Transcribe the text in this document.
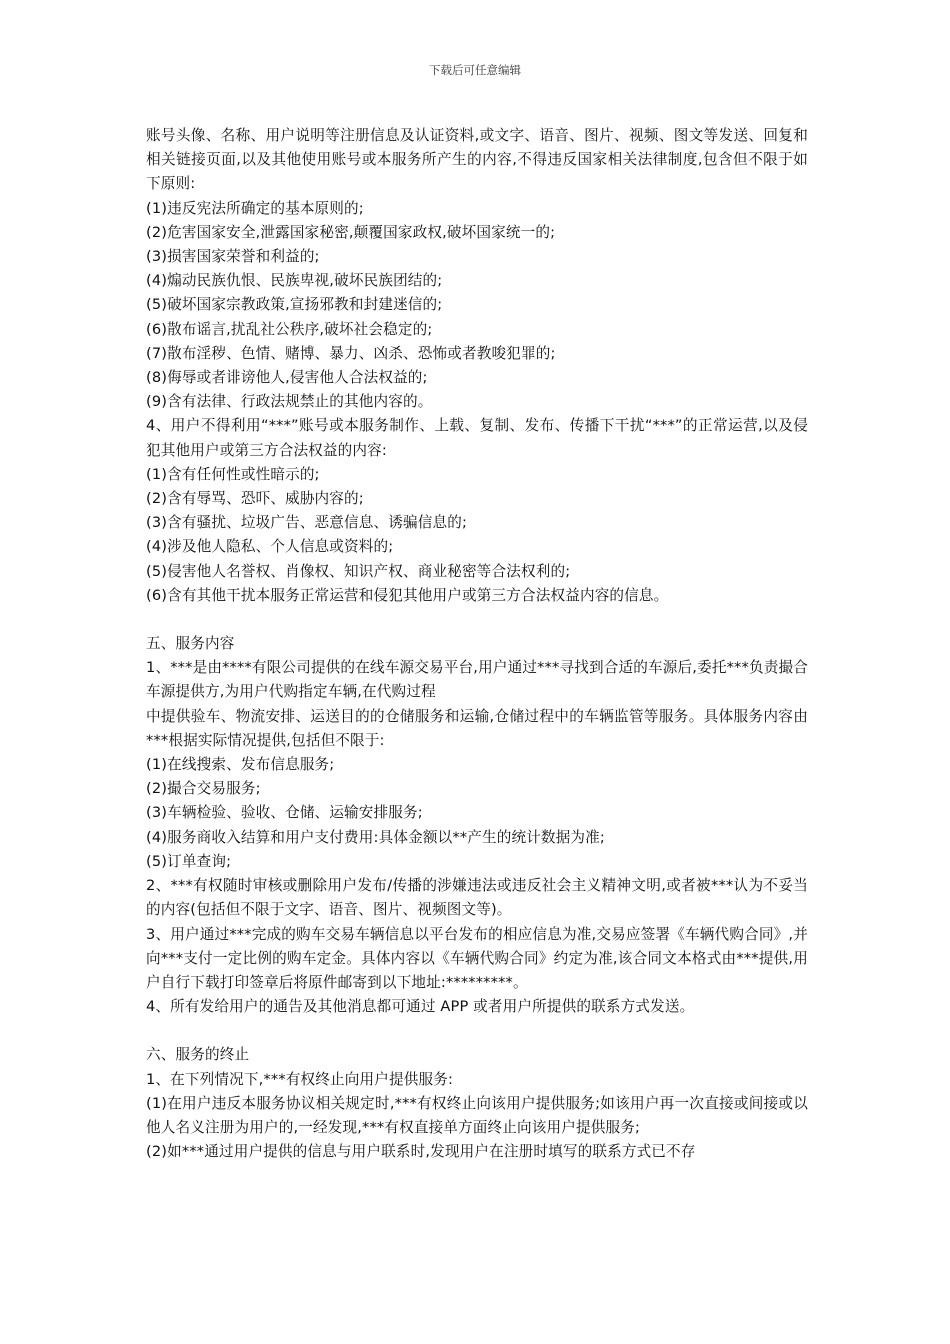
下载后可任意编辑

账号头像、名称、用户说明等注册信息及认证资料,或文字、语音、图片、视频、图文等发送、回复和相关链接页面,以及其他使用账号或本服务所产生的内容,不得违反国家相关法律制度,包含但不限于如下原则:

(1)违反宪法所确定的基本原则的;

(2)危害国家安全,泄露国家秘密,颠覆国家政权,破坏国家统一的;

(3)损害国家荣誉和利益的;

(4)煽动民族仇恨、民族卑视,破坏民族团结的;

(5)破坏国家宗教政策,宣扬邪教和封建迷信的;

(6)散布谣言,扰乱社公秩序,破坏社会稳定的;

(7)散布淫秽、色情、赌博、暴力、凶杀、恐怖或者教唆犯罪的;

(8)侮辱或者诽谤他人,侵害他人合法权益的;

(9)含有法律、行政法规禁止的其他内容的。

4、用户不得利用“***”账号或本服务制作、上载、复制、发布、传播下干扰“***”的正常运营,以及侵犯其他用户或第三方合法权益的内容:

(1)含有任何性或性暗示的;

(2)含有辱骂、恐吓、威胁内容的;

(3)含有骚扰、垃圾广告、恶意信息、诱骗信息的;

(4)涉及他人隐私、个人信息或资料的;

(5)侵害他人名誉权、肖像权、知识产权、商业秘密等合法权利的;

(6)含有其他干扰本服务正常运营和侵犯其他用户或第三方合法权益内容的信息。

五、服务内容

1、***是由****有限公司提供的在线车源交易平台,用户通过***寻找到合适的车源后,委托***负责撮合车源提供方,为用户代购指定车辆,在代购过程

中提供验车、物流安排、运送目的的仓储服务和运输,仓储过程中的车辆监管等服务。具体服务内容由***根据实际情况提供,包括但不限于:

(1)在线搜索、发布信息服务;

(2)撮合交易服务;

(3)车辆检验、验收、仓储、运输安排服务;

(4)服务商收入结算和用户支付费用:具体金额以**产生的统计数据为准;

(5)订单查询;

2、***有权随时审核或删除用户发布/传播的涉嫌违法或违反社会主义精神文明,或者被***认为不妥当的内容(包括但不限于文字、语音、图片、视频图文等)。

3、用户通过***完成的购车交易车辆信息以平台发布的相应信息为准,交易应签署《车辆代购合同》,并向***支付一定比例的购车定金。具体内容以《车辆代购合同》约定为准,该合同文本格式由***提供,用户自行下载打印签章后将原件邮寄到以下地址:*********。

4、所有发给用户的通告及其他消息都可通过 APP 或者用户所提供的联系方式发送。

六、服务的终止

1、在下列情况下,***有权终止向用户提供服务:

(1)在用户违反本服务协议相关规定时,***有权终止向该用户提供服务;如该用户再一次直接或间接或以他人名义注册为用户的,一经发现,***有权直接单方面终止向该用户提供服务;

(2)如***通过用户提供的信息与用户联系时,发现用户在注册时填写的联系方式已不存
